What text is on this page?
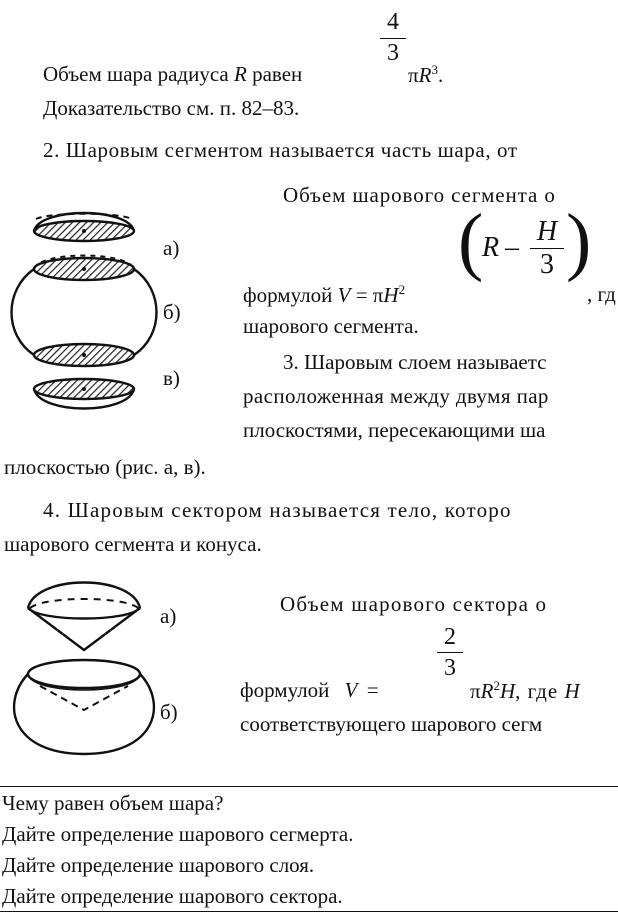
4
3
Объем шара радиуса R равен	$\pi R^3$.
Доказательство см. п. 82–83.
2. Шаровым сегментом называется часть шара, от
Объем шарового сегмента о
(
R –
H
3 )
формулой $V = \pi H^2$	, гд
шарового сегмента.
3. Шаровым слоем называетс
расположенная между двумя пар
плоскостями, пересекающими ша
плоскостью (рис. а, в).
а)
б)
в)
4. Шаровым сектором называется тело, которо
шарового сегмента и конуса.
Объем шарового сектора о
2
3
формулой V =	$\pi R^2H$, где H
соответствующего шарового сегм
а)
б)
Чему равен объем шара?
Дайте определение шарового сегмерта.
Дайте определение шарового слоя.
Дайте определение шарового сектора.
